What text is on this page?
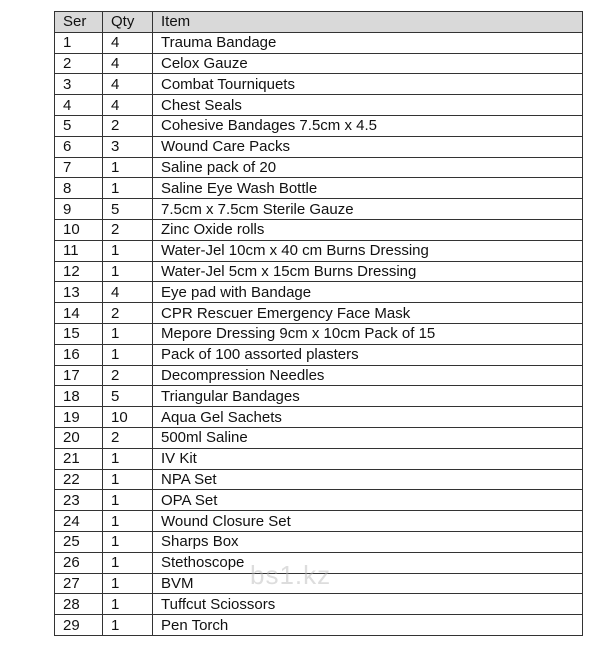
Ser	Qty	Item
1	4	Trauma Bandage
2	4	Celox Gauze
3	4	Combat Tourniquets
4	4	Chest Seals
5	2	Cohesive Bandages 7.5cm x 4.5
6	3	Wound Care Packs
7	1	Saline pack of 20
8	1	Saline Eye Wash Bottle
9	5	7.5cm x 7.5cm Sterile Gauze
10	2	Zinc Oxide rolls
11	1	Water-Jel 10cm x 40 cm Burns Dressing
12	1	Water-Jel 5cm x 15cm Burns Dressing
13	4	Eye pad with Bandage
14	2	CPR Rescuer Emergency Face Mask
15	1	Mepore Dressing 9cm x 10cm Pack of 15
16	1	Pack of 100 assorted plasters
17	2	Decompression Needles
18	5	Triangular Bandages
19	10	Aqua Gel Sachets
20	2	500ml Saline
21	1	IV Kit
22	1	NPA Set
23	1	OPA Set
24	1	Wound Closure Set
25	1	Sharps Box
26	1	Stethoscope
27	1	BVM
28	1	Tuffcut Sciossors
29	1	Pen Torch
bs1.kz
